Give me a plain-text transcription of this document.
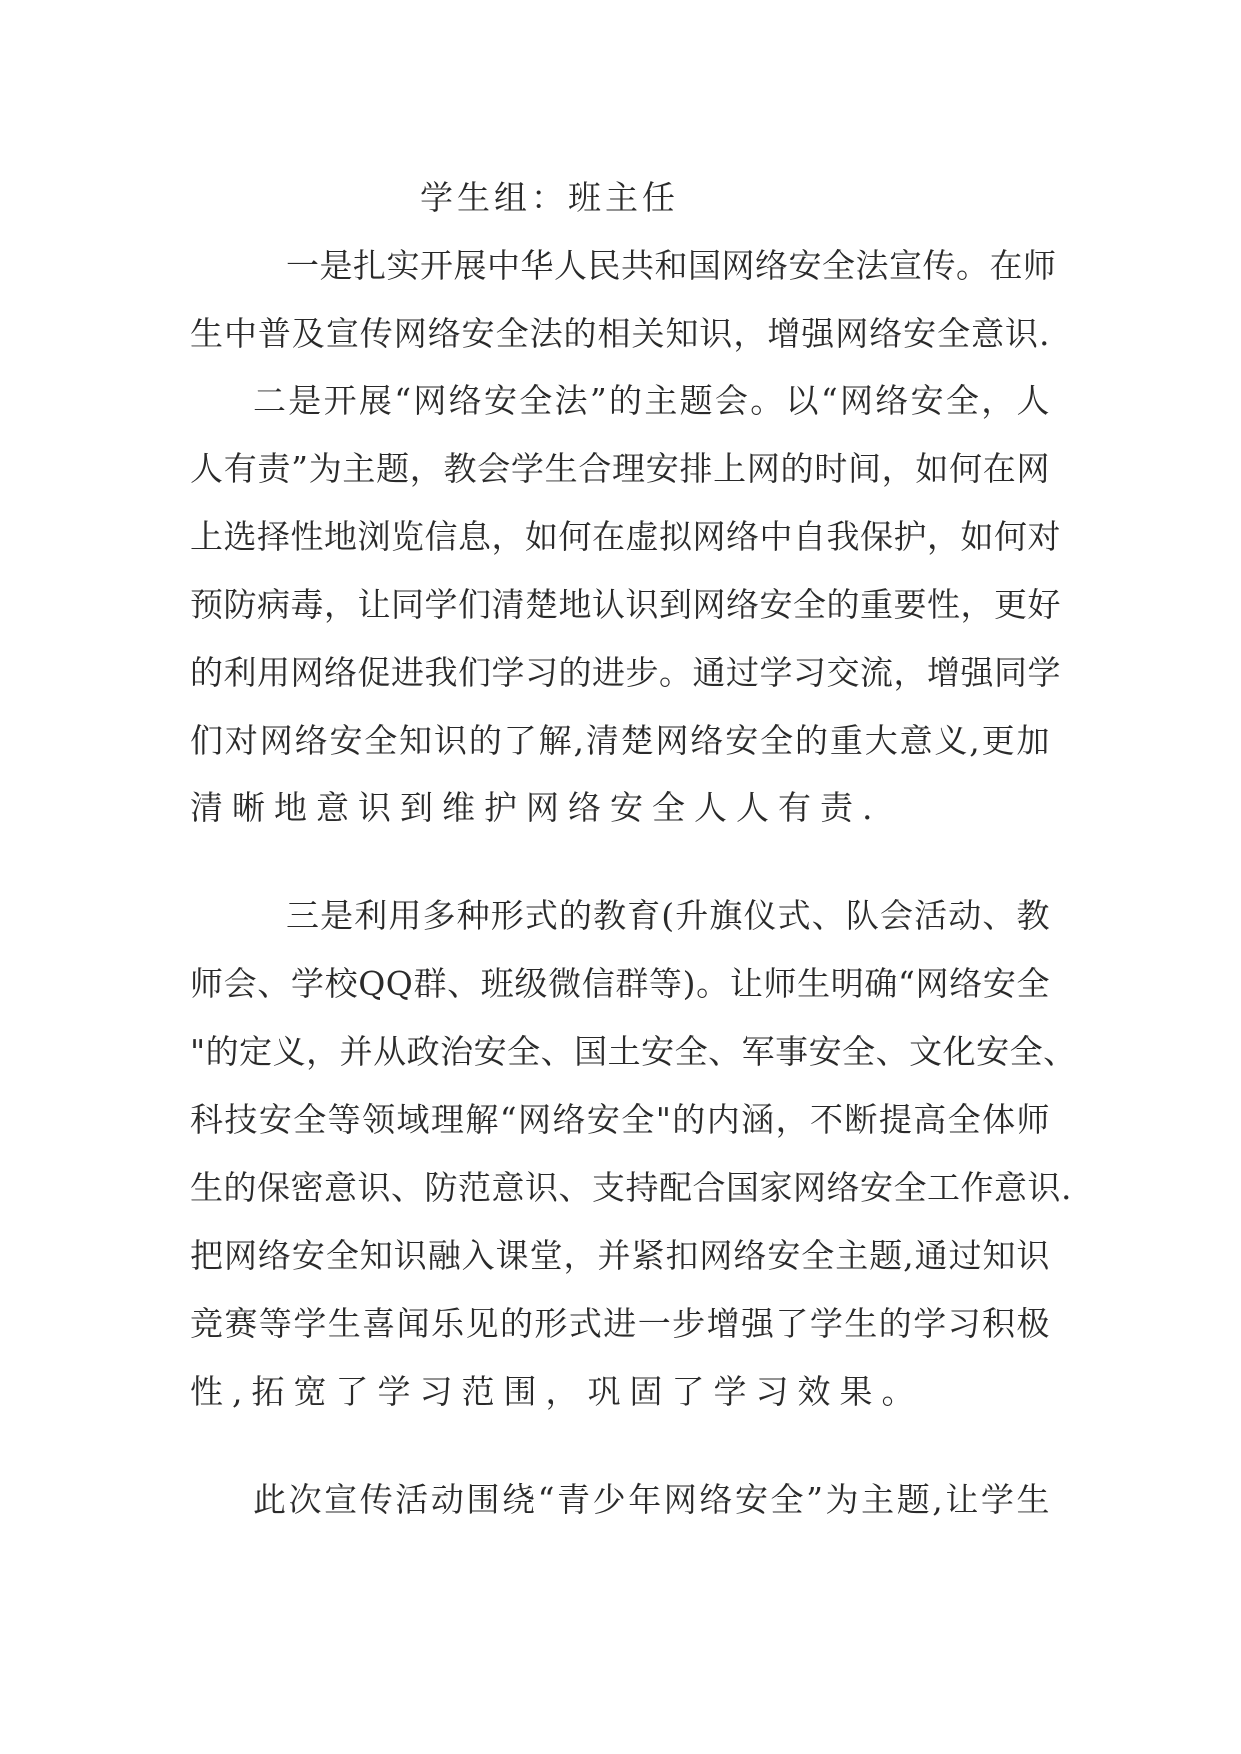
学生组：班主任
一是扎实开展中华人民共和国网络安全法宣传。在师
生中普及宣传网络安全法的相关知识，增强网络安全意识.
二是开展“网络安全法”的主题会。以“网络安全，人
人有责”为主题，教会学生合理安排上网的时间，如何在网
上选择性地浏览信息，如何在虚拟网络中自我保护，如何对
预防病毒，让同学们清楚地认识到网络安全的重要性，更好
的利用网络促进我们学习的进步。通过学习交流，增强同学
们对网络安全知识的了解,清楚网络安全的重大意义,更加
清晰地意识到维护网络安全人人有责.
三是利用多种形式的教育(升旗仪式、队会活动、教
师会、学校QQ群、班级微信群等)。让师生明确“网络安全
"的定义，并从政治安全、国土安全、军事安全、文化安全、
科技安全等领域理解“网络安全"的内涵，不断提高全体师
生的保密意识、防范意识、支持配合国家网络安全工作意识.
把网络安全知识融入课堂，并紧扣网络安全主题,通过知识
竞赛等学生喜闻乐见的形式进一步增强了学生的学习积极
性,拓宽了学习范围，巩固了学习效果。
此次宣传活动围绕“青少年网络安全”为主题,让学生
